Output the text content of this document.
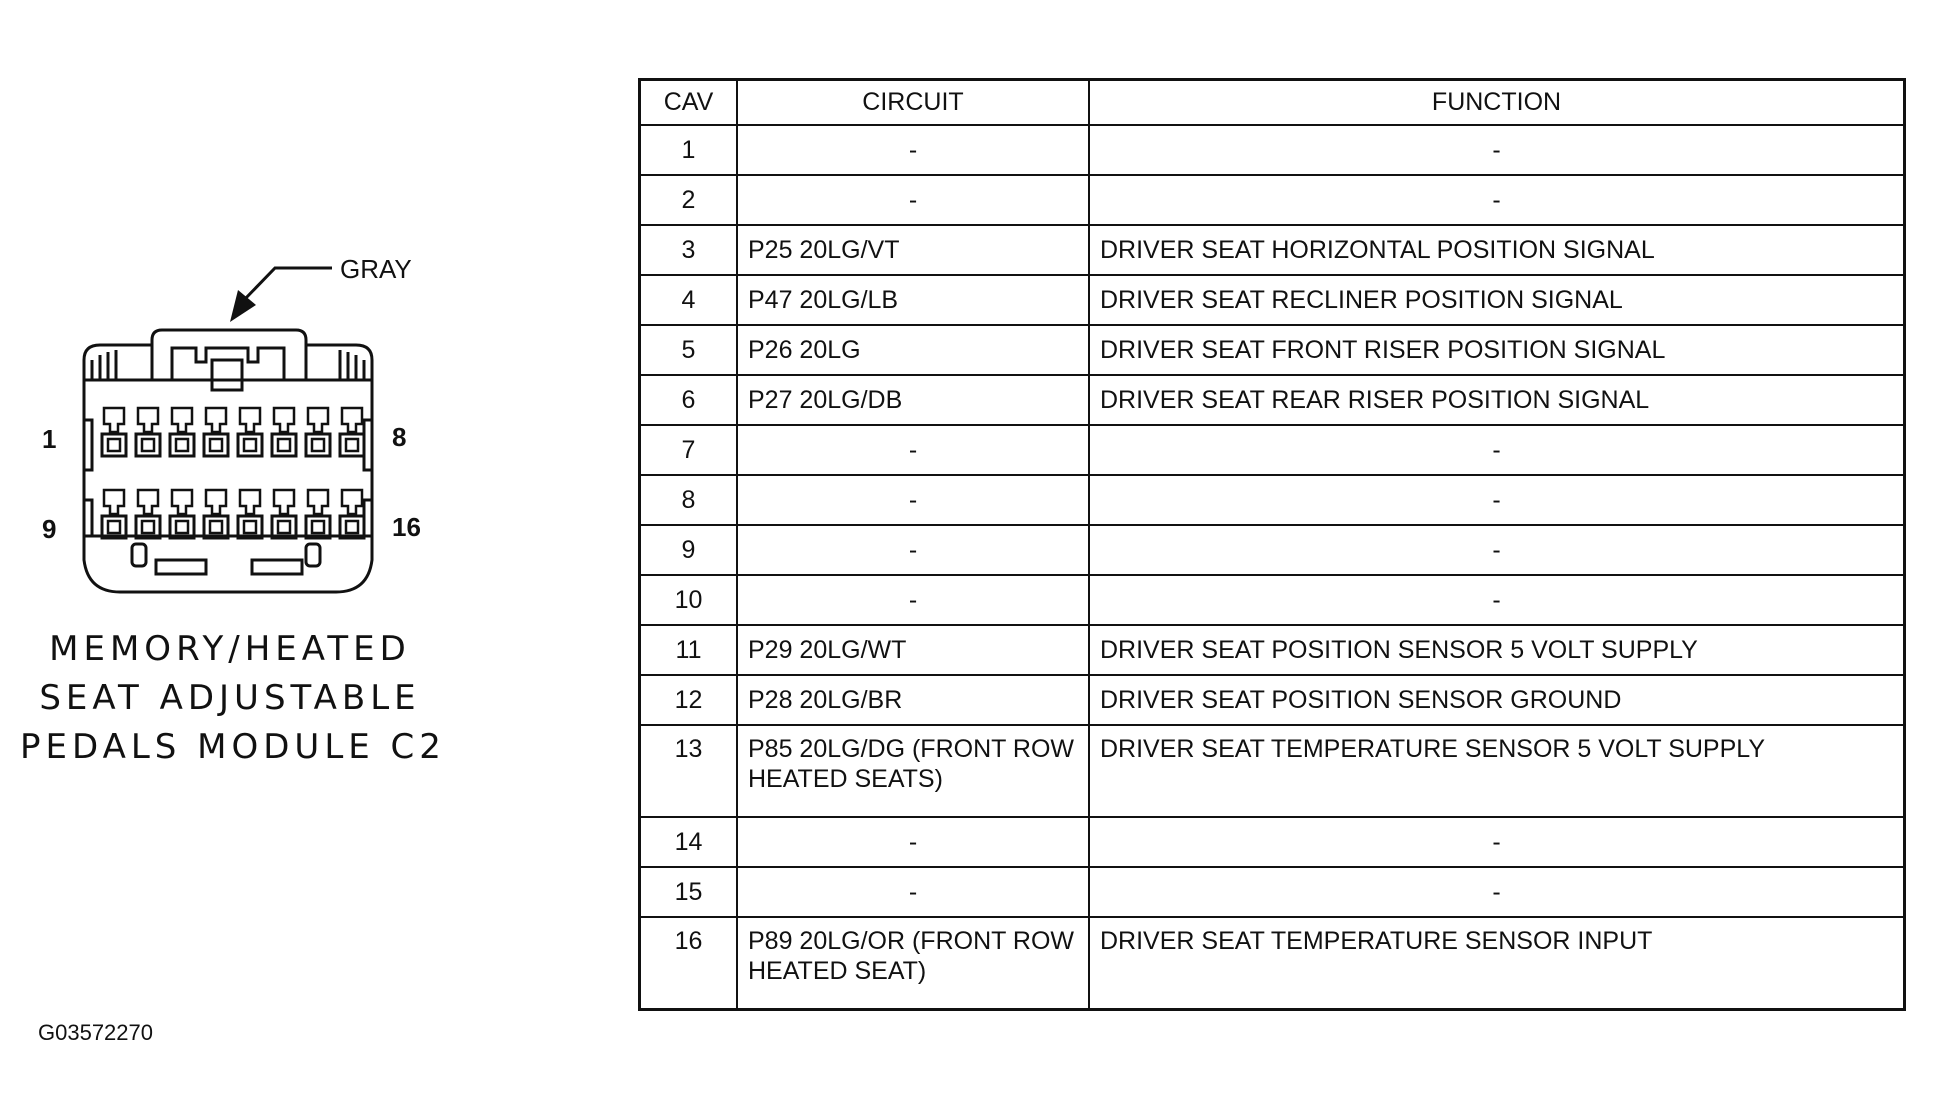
GRAY
1	8
9	16
MEMORY/HEATED
SEAT ADJUSTABLE
PEDALS MODULE C2
G03572270
CAV	CIRCUIT	FUNCTION
1	-	-
2	-	-
3	P25 20LG/VT	DRIVER SEAT HORIZONTAL POSITION SIGNAL
4	P47 20LG/LB	DRIVER SEAT RECLINER POSITION SIGNAL
5	P26 20LG	DRIVER SEAT FRONT RISER POSITION SIGNAL
6	P27 20LG/DB	DRIVER SEAT REAR RISER POSITION SIGNAL
7	-	-
8	-	-
9	-	-
10	-	-
11	P29 20LG/WT	DRIVER SEAT POSITION SENSOR 5 VOLT SUPPLY
12	P28 20LG/BR	DRIVER SEAT POSITION SENSOR GROUND
13	P85 20LG/DG (FRONT ROW HEATED SEATS)	DRIVER SEAT TEMPERATURE SENSOR 5 VOLT SUPPLY
14	-	-
15	-	-
16	P89 20LG/OR (FRONT ROW HEATED SEAT)	DRIVER SEAT TEMPERATURE SENSOR INPUT
